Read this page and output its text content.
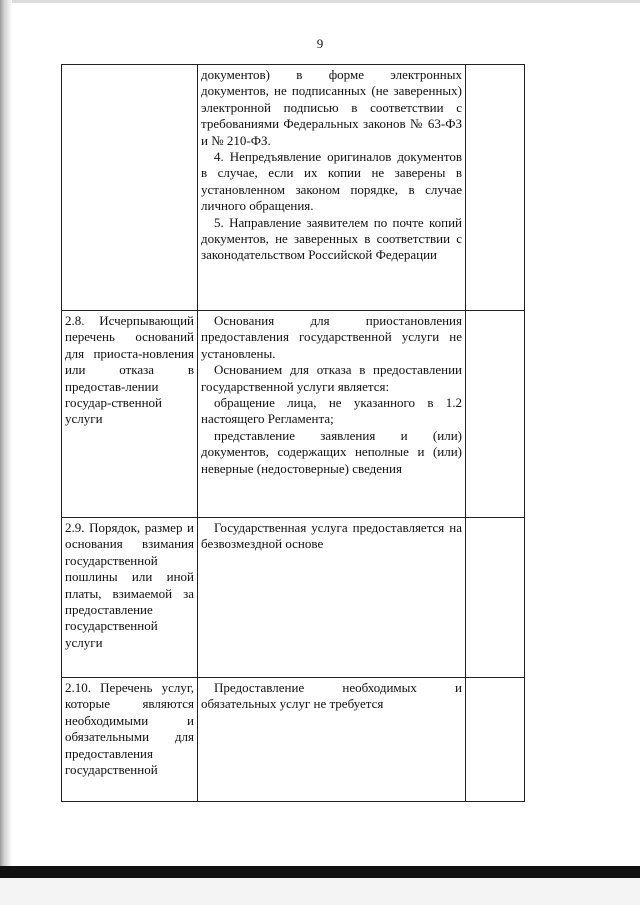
9

	документов) в форме электронных документов, не подписанных (не заверенных) электронной подписью в соответствии с требованиями Федеральных законов № 63-ФЗ и № 210-ФЗ.

4. Непредъявление оригиналов документов в случае, если их копии не заверены в установленном законом порядке, в случае личного обращения.

5. Направление заявителем по почте копий документов, не заверенных в соответствии с законодательством Российской Федерации	

2.8. Исчерпывающий перечень оснований для приоста-новления или отказа в предостав-лении государ-ственной услуги	Основания для приостановления предоставления государственной услуги не установлены.

Основанием для отказа в предоставлении государственной услуги является:

обращение лица, не указанного в 1.2 настоящего Регламента;

представление заявления и (или) документов, содержащих неполные и (или) неверные (недостоверные) сведения	

2.9. Порядок, размер и основания взимания государственной пошлины или иной платы, взимаемой за предоставление государственной услуги	Государственная услуга предоставляется на безвозмездной основе	

2.10. Перечень услуг, которые являются необходимыми и обязательными для предоставления государственной	Предоставление необходимых и обязательных услуг не требуется	
